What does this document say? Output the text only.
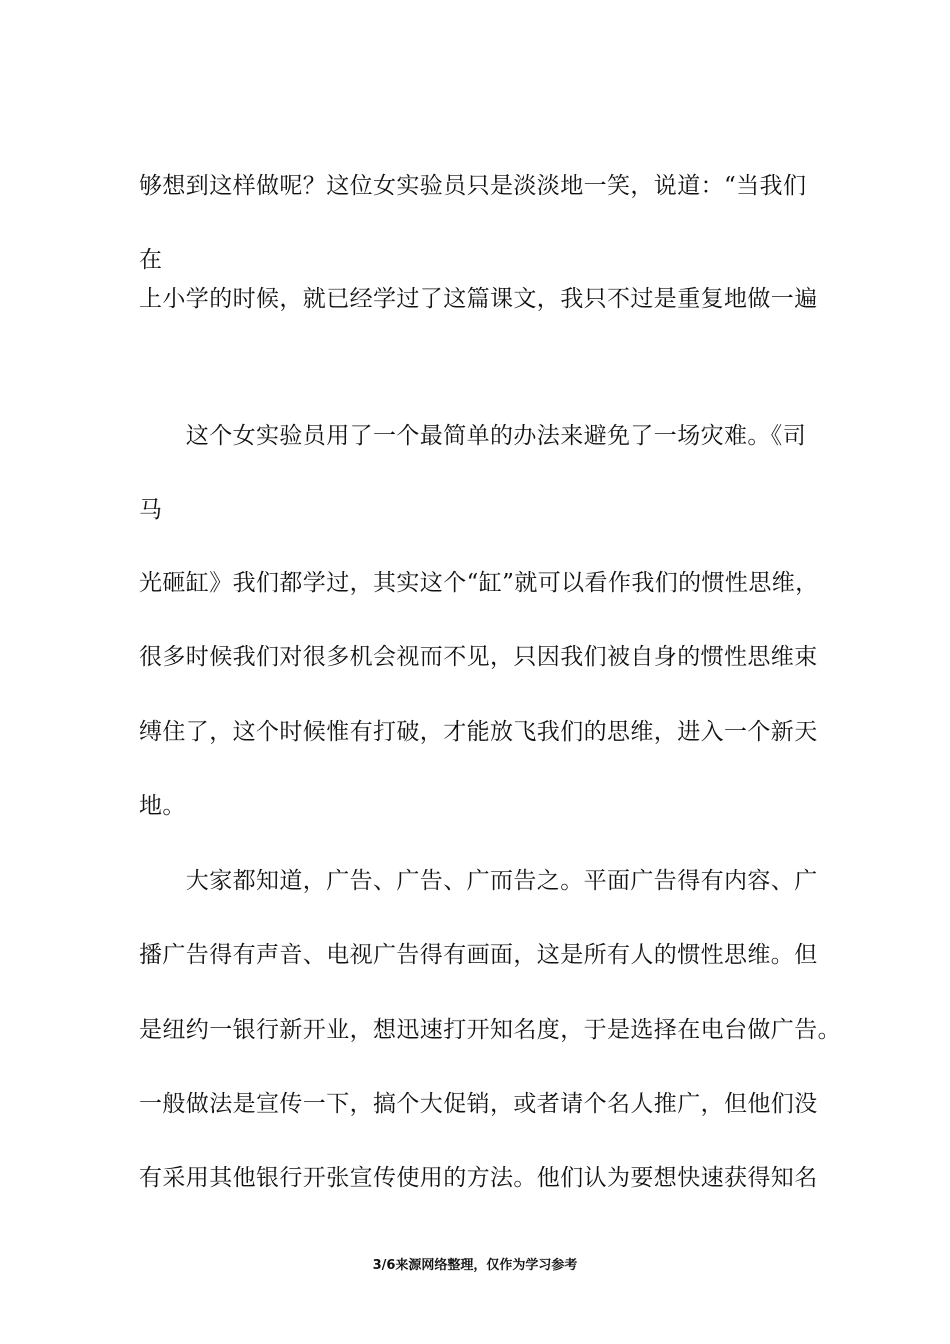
够想到这样做呢？这位女实验员只是淡淡地一笑，说道：“当我们
在
上小学的时候，就已经学过了这篇课文，我只不过是重复地做一遍
　　这个女实验员用了一个最简单的办法来避免了一场灾难。《司
马
光砸缸》我们都学过，其实这个“缸”就可以看作我们的惯性思维，
很多时候我们对很多机会视而不见，只因我们被自身的惯性思维束
缚住了，这个时候惟有打破，才能放飞我们的思维，进入一个新天
地。
　　大家都知道，广告、广告、广而告之。平面广告得有内容、广
播广告得有声音、电视广告得有画面，这是所有人的惯性思维。但
是纽约一银行新开业，想迅速打开知名度，于是选择在电台做广告。
一般做法是宣传一下，搞个大促销，或者请个名人推广，但他们没
有采用其他银行开张宣传使用的方法。他们认为要想快速获得知名
3/6来源网络整理，仅作为学习参考
